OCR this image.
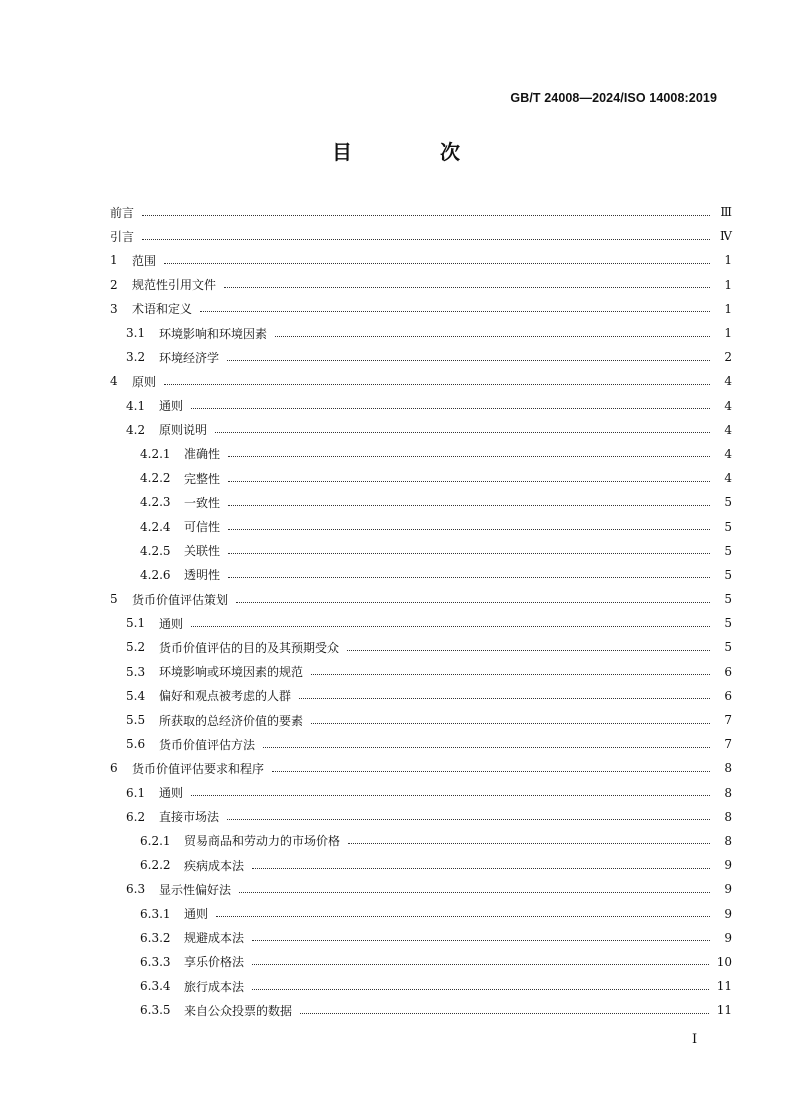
GB/T 24008—2024/ISO 14008:2019
目　次
前言	Ⅲ
引言	Ⅳ
1	范围	1
2	规范性引用文件	1
3	术语和定义	1
3.1	环境影响和环境因素	1
3.2	环境经济学	2
4	原则	4
4.1	通则	4
4.2	原则说明	4
4.2.1	准确性	4
4.2.2	完整性	4
4.2.3	一致性	5
4.2.4	可信性	5
4.2.5	关联性	5
4.2.6	透明性	5
5	货币价值评估策划	5
5.1	通则	5
5.2	货币价值评估的目的及其预期受众	5
5.3	环境影响或环境因素的规范	6
5.4	偏好和观点被考虑的人群	6
5.5	所获取的总经济价值的要素	7
5.6	货币价值评估方法	7
6	货币价值评估要求和程序	8
6.1	通则	8
6.2	直接市场法	8
6.2.1	贸易商品和劳动力的市场价格	8
6.2.2	疾病成本法	9
6.3	显示性偏好法	9
6.3.1	通则	9
6.3.2	规避成本法	9
6.3.3	享乐价格法	10
6.3.4	旅行成本法	11
6.3.5	来自公众投票的数据	11
Ⅰ
